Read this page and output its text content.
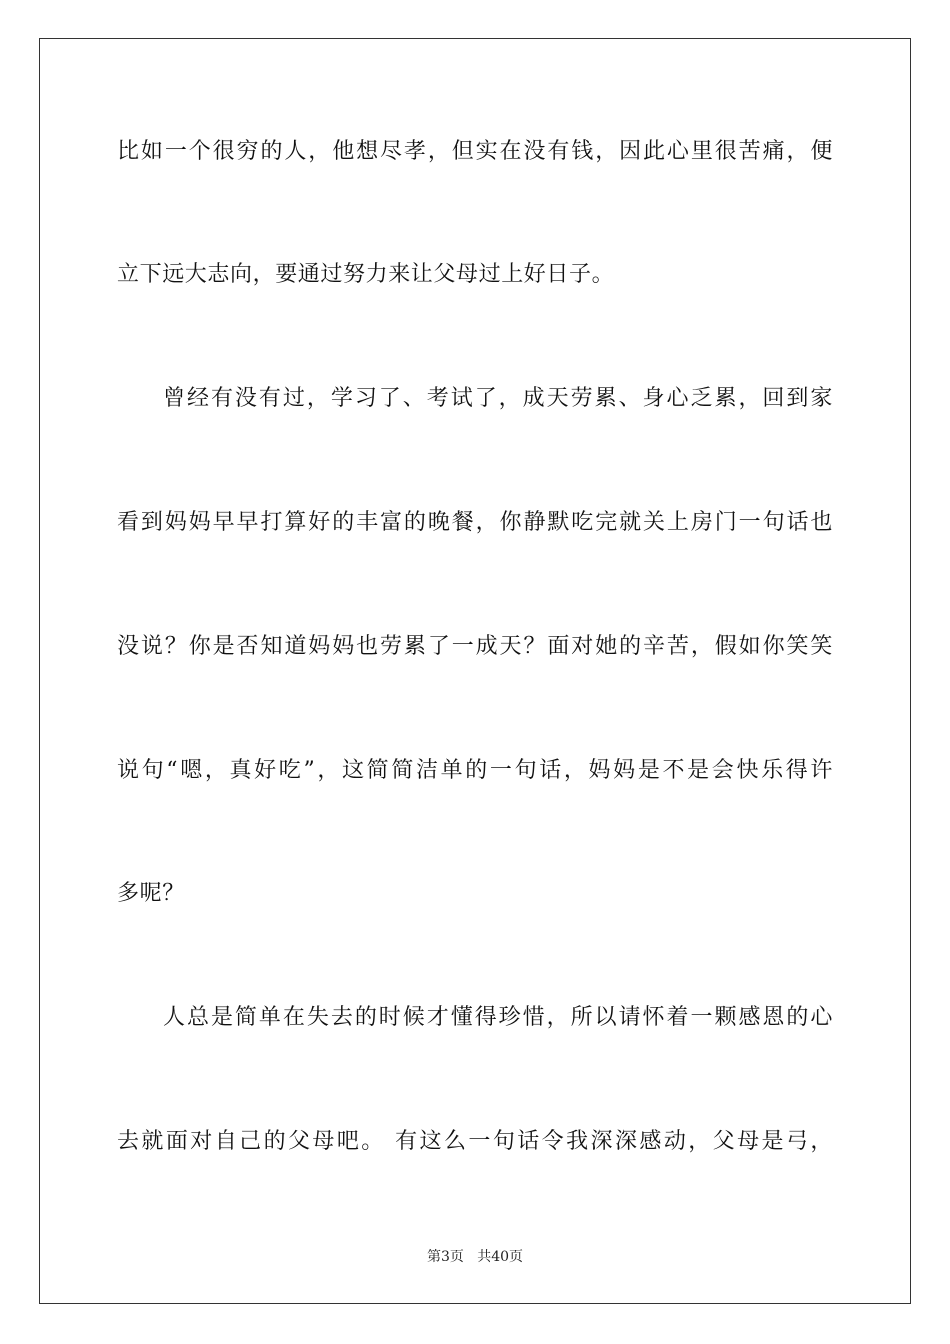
比如一个很穷的人，他想尽孝，但实在没有钱，因此心里很苦痛，便
立下远大志向，要通过努力来让父母过上好日子。
曾经有没有过，学习了、考试了，成天劳累、身心乏累，回到家
看到妈妈早早打算好的丰富的晚餐，你静默吃完就关上房门一句话也
没说？你是否知道妈妈也劳累了一成天？面对她的辛苦，假如你笑笑
说句“嗯，真好吃”，这简简洁单的一句话，妈妈是不是会快乐得许
多呢？
人总是简单在失去的时候才懂得珍惜，所以请怀着一颗感恩的心
去就面对自己的父母吧。 有这么一句话令我深深感动，父母是弓，
第3页   共40页
